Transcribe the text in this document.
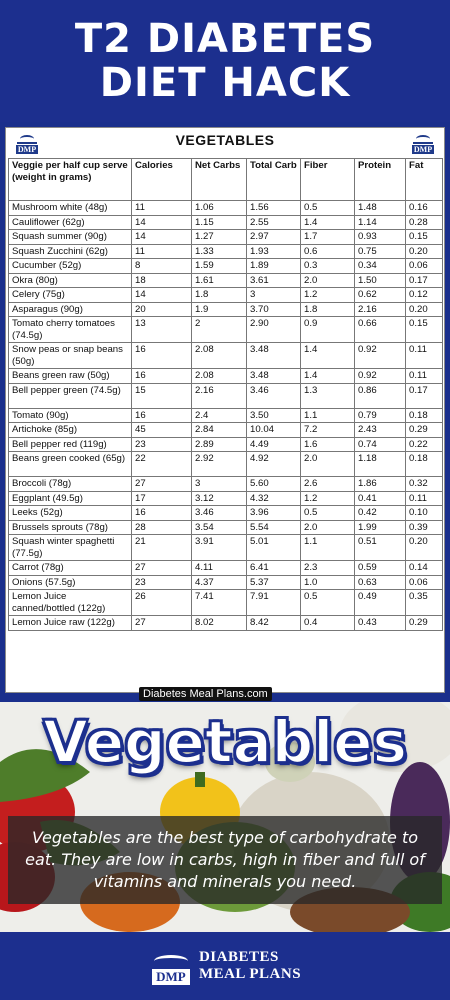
T2 DIABETES
DIET HACK
DMP
VEGETABLES
DMP
Veggie per half cup serve (weight in grams)	Calories	Net Carbs	Total Carb	Fiber	Protein	Fat
Mushroom white (48g)	11	1.06	1.56	0.5	1.48	0.16
Cauliflower (62g)	14	1.15	2.55	1.4	1.14	0.28
Squash summer (90g)	14	1.27	2.97	1.7	0.93	0.15
Squash Zucchini (62g)	11	1.33	1.93	0.6	0.75	0.20
Cucumber (52g)	8	1.59	1.89	0.3	0.34	0.06
Okra (80g)	18	1.61	3.61	2.0	1.50	0.17
Celery (75g)	14	1.8	3	1.2	0.62	0.12
Asparagus (90g)	20	1.9	3.70	1.8	2.16	0.20
Tomato cherry tomatoes (74.5g)	13	2	2.90	0.9	0.66	0.15
Snow peas or snap beans (50g)	16	2.08	3.48	1.4	0.92	0.11
Beans green raw (50g)	16	2.08	3.48	1.4	0.92	0.11
Bell pepper green (74.5g)	15	2.16	3.46	1.3	0.86	0.17
Tomato (90g)	16	2.4	3.50	1.1	0.79	0.18
Artichoke (85g)	45	2.84	10.04	7.2	2.43	0.29
Bell pepper red (119g)	23	2.89	4.49	1.6	0.74	0.22
Beans green cooked (65g)	22	2.92	4.92	2.0	1.18	0.18
Broccoli (78g)	27	3	5.60	2.6	1.86	0.32
Eggplant (49.5g)	17	3.12	4.32	1.2	0.41	0.11
Leeks (52g)	16	3.46	3.96	0.5	0.42	0.10
Brussels sprouts (78g)	28	3.54	5.54	2.0	1.99	0.39
Squash winter spaghetti (77.5g)	21	3.91	5.01	1.1	0.51	0.20
Carrot (78g)	27	4.11	6.41	2.3	0.59	0.14
Onions (57.5g)	23	4.37	5.37	1.0	0.63	0.06
Lemon Juice canned/bottled (122g)	26	7.41	7.91	0.5	0.49	0.35
Lemon Juice raw (122g)	27	8.02	8.42	0.4	0.43	0.29
Vegetables
Diabetes Meal Plans.com

Vegetables are the best type of carbohydrate to eat. They are low in carbs, high in fiber and full of vitamins and minerals you need.

DMP
DIABETES
MEAL PLANS
